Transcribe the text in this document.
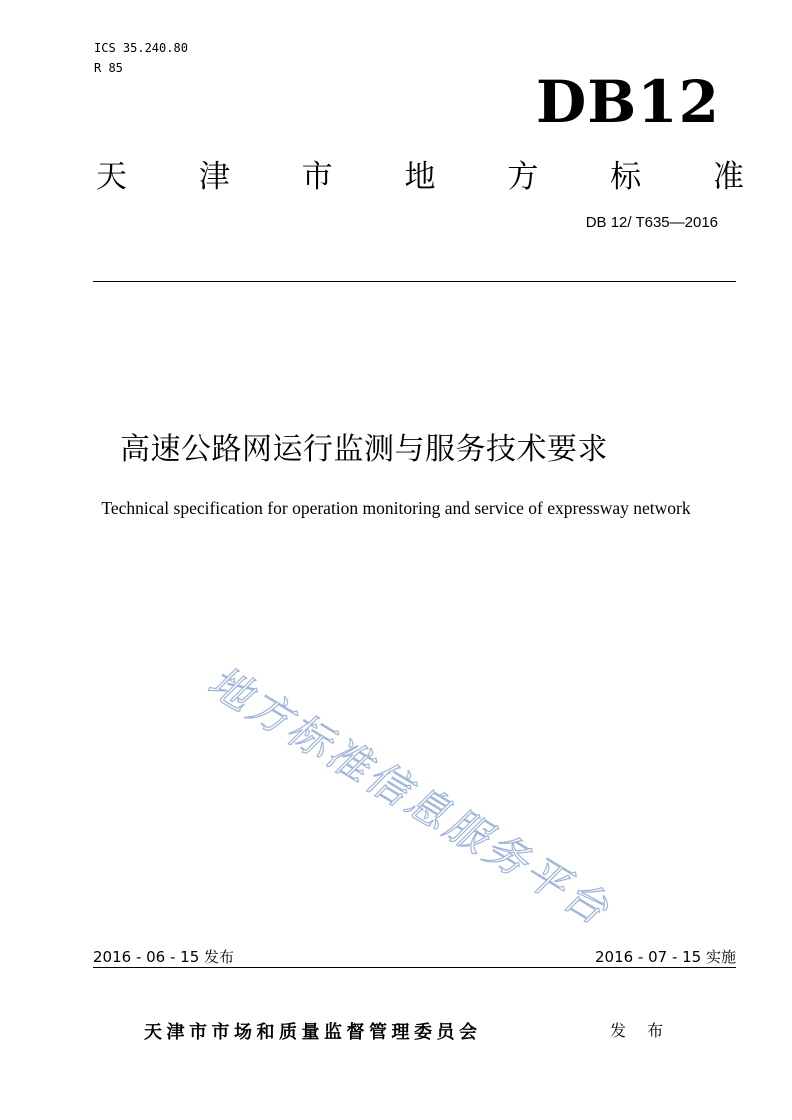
ICS 35.240.80
R 85	DB12
天 津 市 地 方 标 准
DB 12/ T635—2016
高速公路网运行监测与服务技术要求
Technical specification for operation monitoring and service of expressway network
地方标准信息服务平台
2016 - 06 - 15 发布	2016 - 07 - 15 实施
天津市市场和质量监督管理委员会	发 布
